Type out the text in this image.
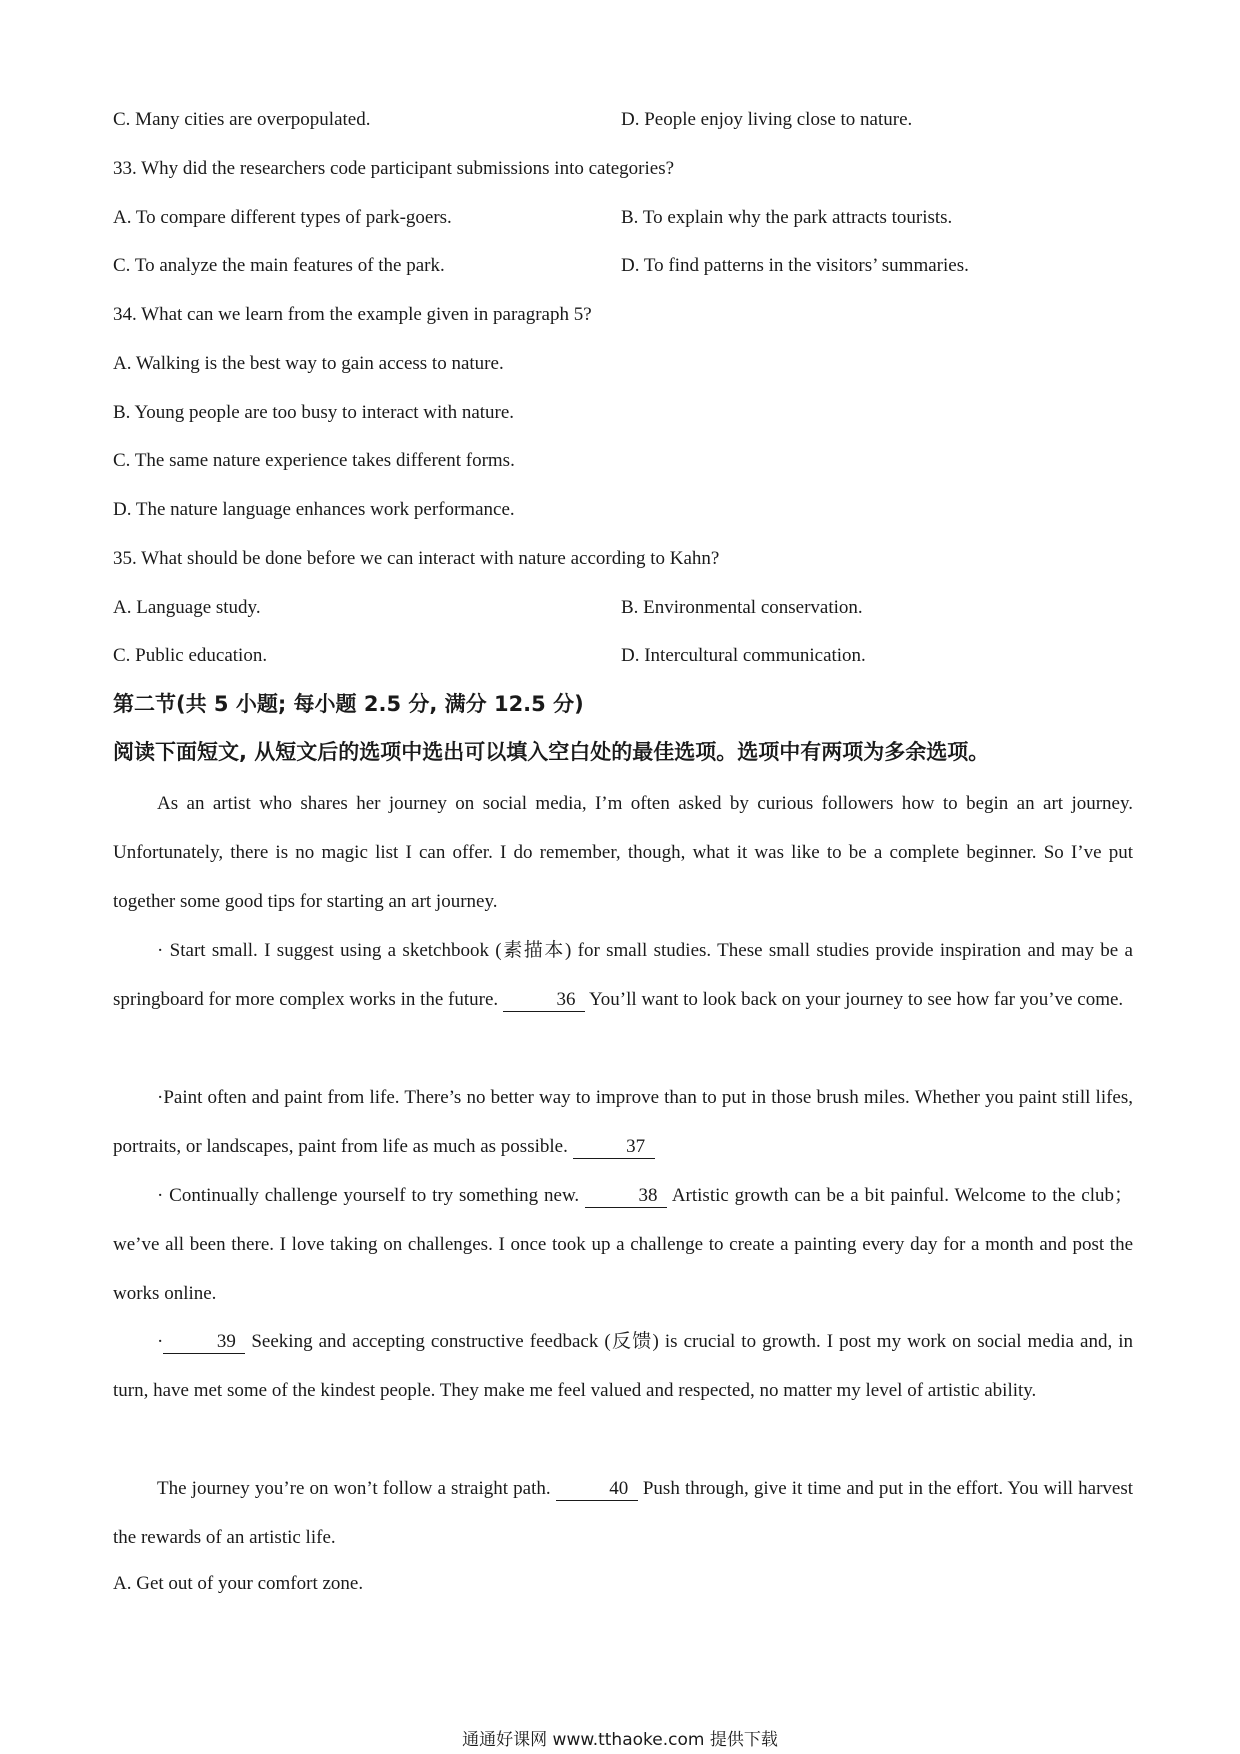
C. Many cities are overpopulated.	D. People enjoy living close to nature.
33. Why did the researchers code participant submissions into categories?
A. To compare different types of park-goers.	B. To explain why the park attracts tourists.
C. To analyze the main features of the park.	D. To find patterns in the visitors’ summaries.
34. What can we learn from the example given in paragraph 5?
A. Walking is the best way to gain access to nature.
B. Young people are too busy to interact with nature.
C. The same nature experience takes different forms.
D. The nature language enhances work performance.
35. What should be done before we can interact with nature according to Kahn?
A. Language study.	B. Environmental conservation.
C. Public education.	D. Intercultural communication.
第二节(共 5 小题; 每小题 2.5 分, 满分 12.5 分)
阅读下面短文, 从短文后的选项中选出可以填入空白处的最佳选项。选项中有两项为多余选项。

As an artist who shares her journey on social media, I’m often asked by curious followers how to begin an art journey. Unfortunately, there is no magic list I can offer. I do remember, though, what it was like to be a complete beginner. So I’ve put together some good tips for starting an art journey.

· Start small. I suggest using a sketchbook (素描本) for small studies. These small studies provide inspiration and may be a springboard for more complex works in the future.	36 You’ll want to look back on your journey to see how far you’ve come.

·Paint often and paint from life. There’s no better way to improve than to put in those brush miles. Whether you paint still lifes, portraits, or landscapes, paint from life as much as possible.	37

· Continually challenge yourself to try something new.	38 Artistic growth can be a bit painful. Welcome to the club；we’ve all been there. I love taking on challenges. I once took up a challenge to create a painting every day for a month and post the works online.

·	39 Seeking and accepting constructive feedback (反馈) is crucial to growth. I post my work on social media and, in turn, have met some of the kindest people. They make me feel valued and respected, no matter my level of artistic ability.

The journey you’re on won’t follow a straight path.	40 Push through, give it time and put in the effort. You will harvest the rewards of an artistic life.

A. Get out of your comfort zone.
通通好课网 www.tthaoke.com 提供下载
